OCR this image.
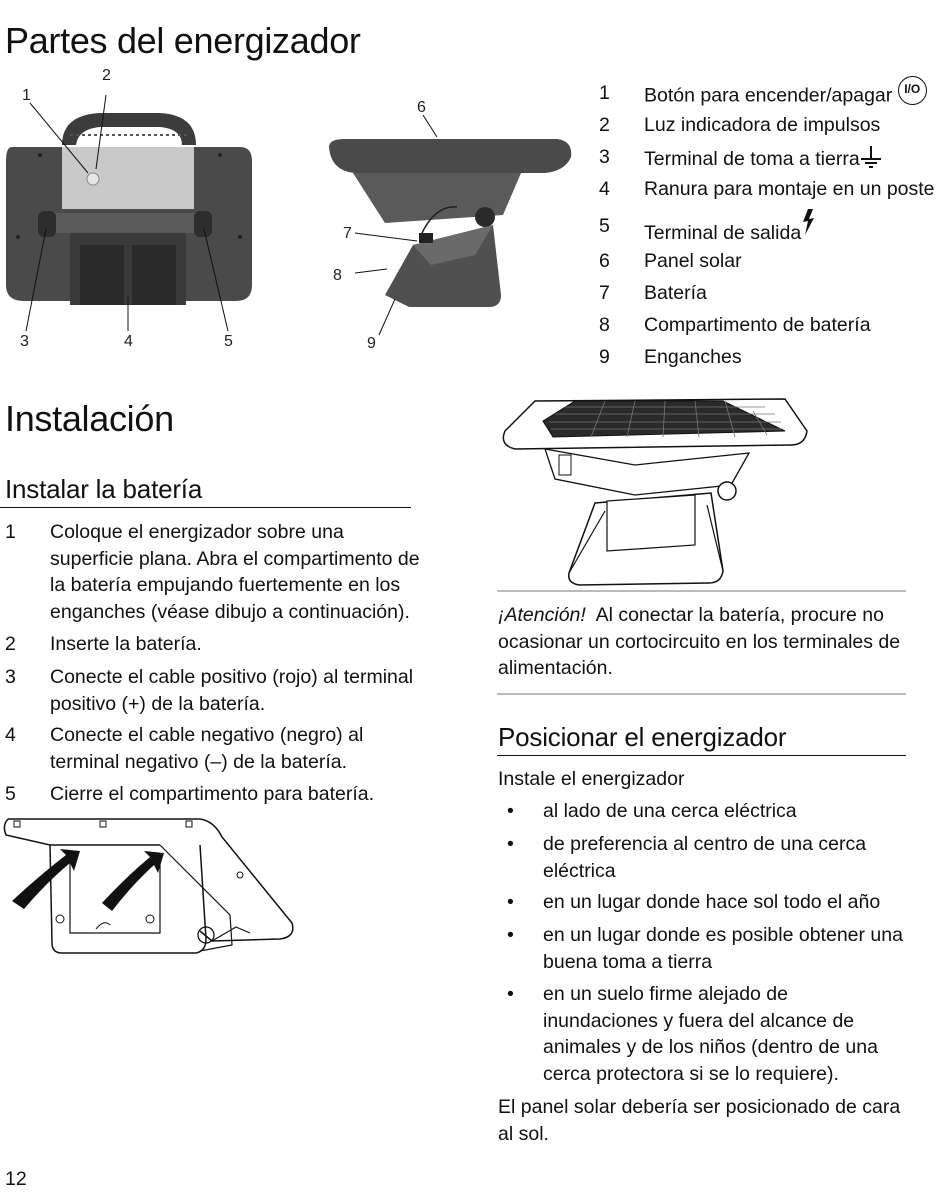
Partes del energizador
1
2
3	4	5
6
7
8
9
1	Botón para encender/apagar I/O
2	Luz indicadora de impulsos
3	Terminal de toma a tierra
4	Ranura para montaje en un poste
5	Terminal de salida
6	Panel solar
7	Batería
8	Compartimento de batería
9	Enganches
Instalación
Instalar la batería
1 Coloque el energizador sobre una superficie plana. Abra el compartimento de la batería empujando fuertemente en los enganches (véase dibujo a continuación).
2 Inserte la batería.
3 Conecte el cable positivo (rojo) al terminal positivo (+) de la batería.
4 Conecte el cable negativo (negro) al terminal negativo (–) de la batería.
5 Cierre el compartimento para batería.
¡Atención! Al conectar la batería, procure no ocasionar un cortocircuito en los terminales de alimentación.
Posicionar el energizador
Instale el energizador
• al lado de una cerca eléctrica
• de preferencia al centro de una cerca eléctrica
• en un lugar donde hace sol todo el año
• en un lugar donde es posible obtener una buena toma a tierra
• en un suelo firme alejado de inundaciones y fuera del alcance de animales y de los niños (dentro de una cerca protectora si se lo requiere).
El panel solar debería ser posicionado de cara al sol.
12
